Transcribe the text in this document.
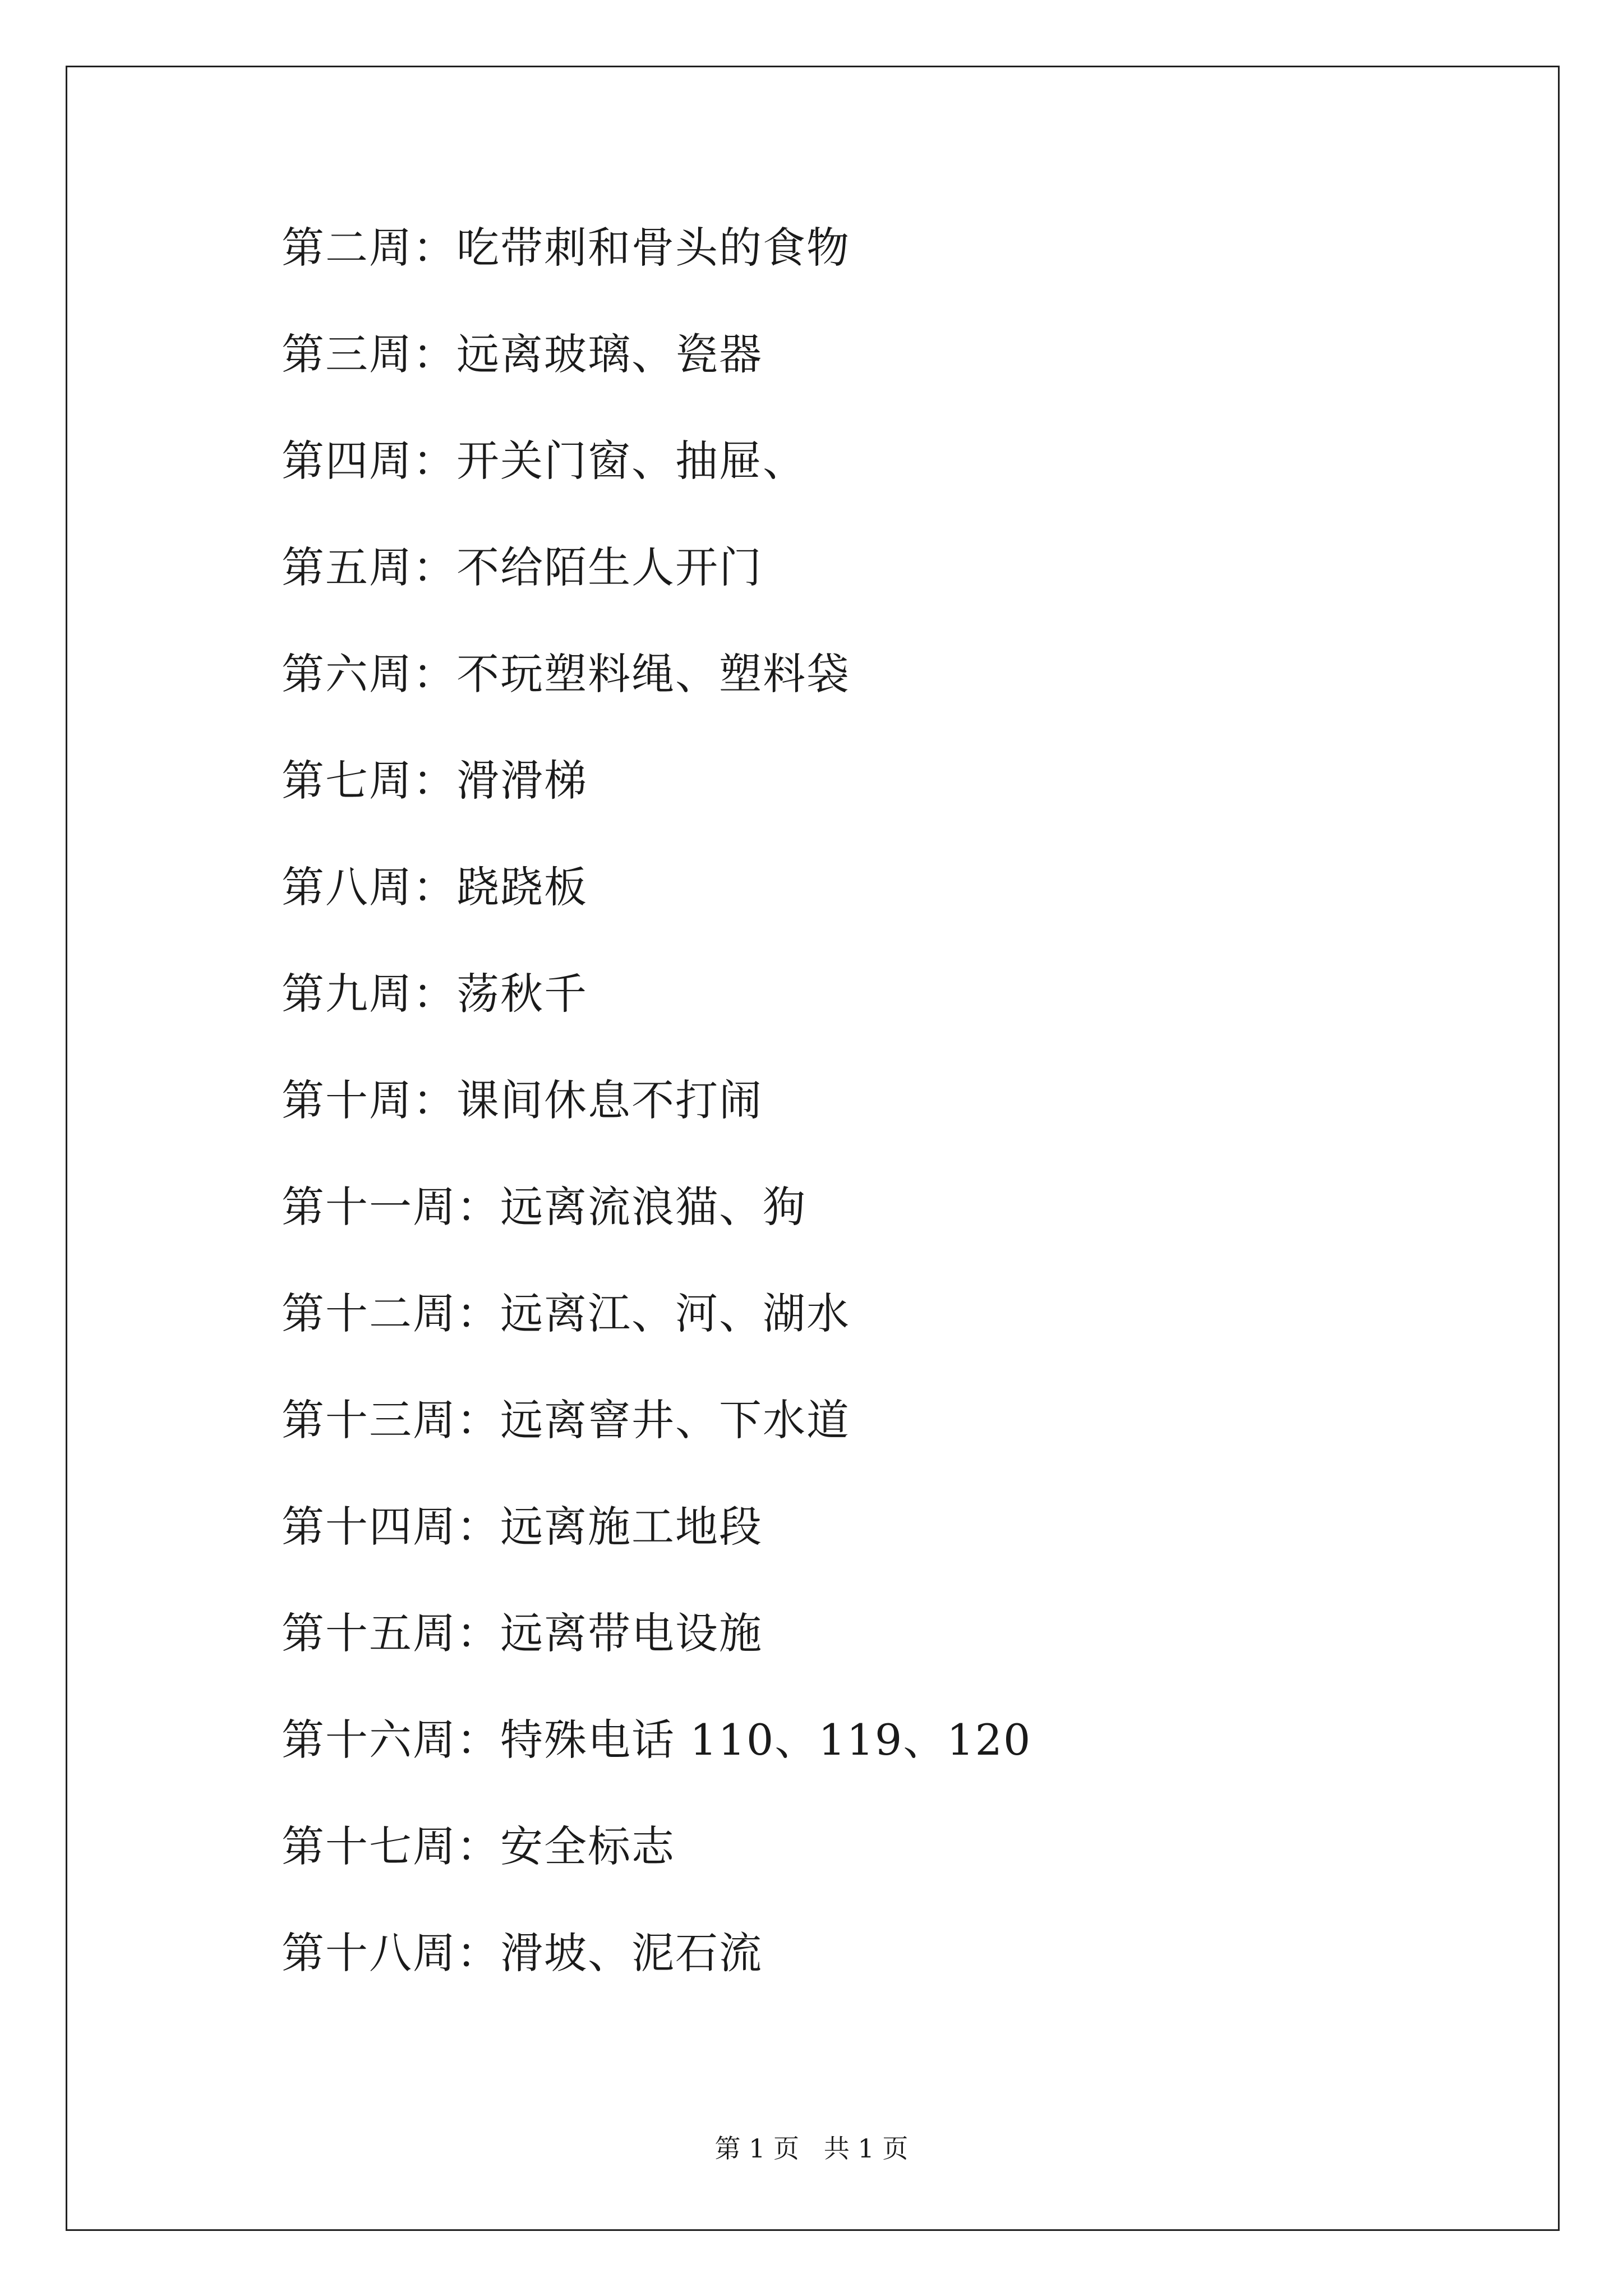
第二周：吃带刺和骨头的食物
第三周：远离玻璃、瓷器
第四周：开关门窗、抽屉、
第五周：不给陌生人开门
第六周：不玩塑料绳、塑料袋
第七周：滑滑梯
第八周：跷跷板
第九周：荡秋千
第十周：课间休息不打闹
第十一周：远离流浪猫、狗
第十二周：远离江、河、湖水
第十三周：远离窨井、下水道
第十四周：远离施工地段
第十五周：远离带电设施
第十六周：特殊电话 110、119、120
第十七周：安全标志
第十八周：滑坡、泥石流
第 1 页   共 1 页
